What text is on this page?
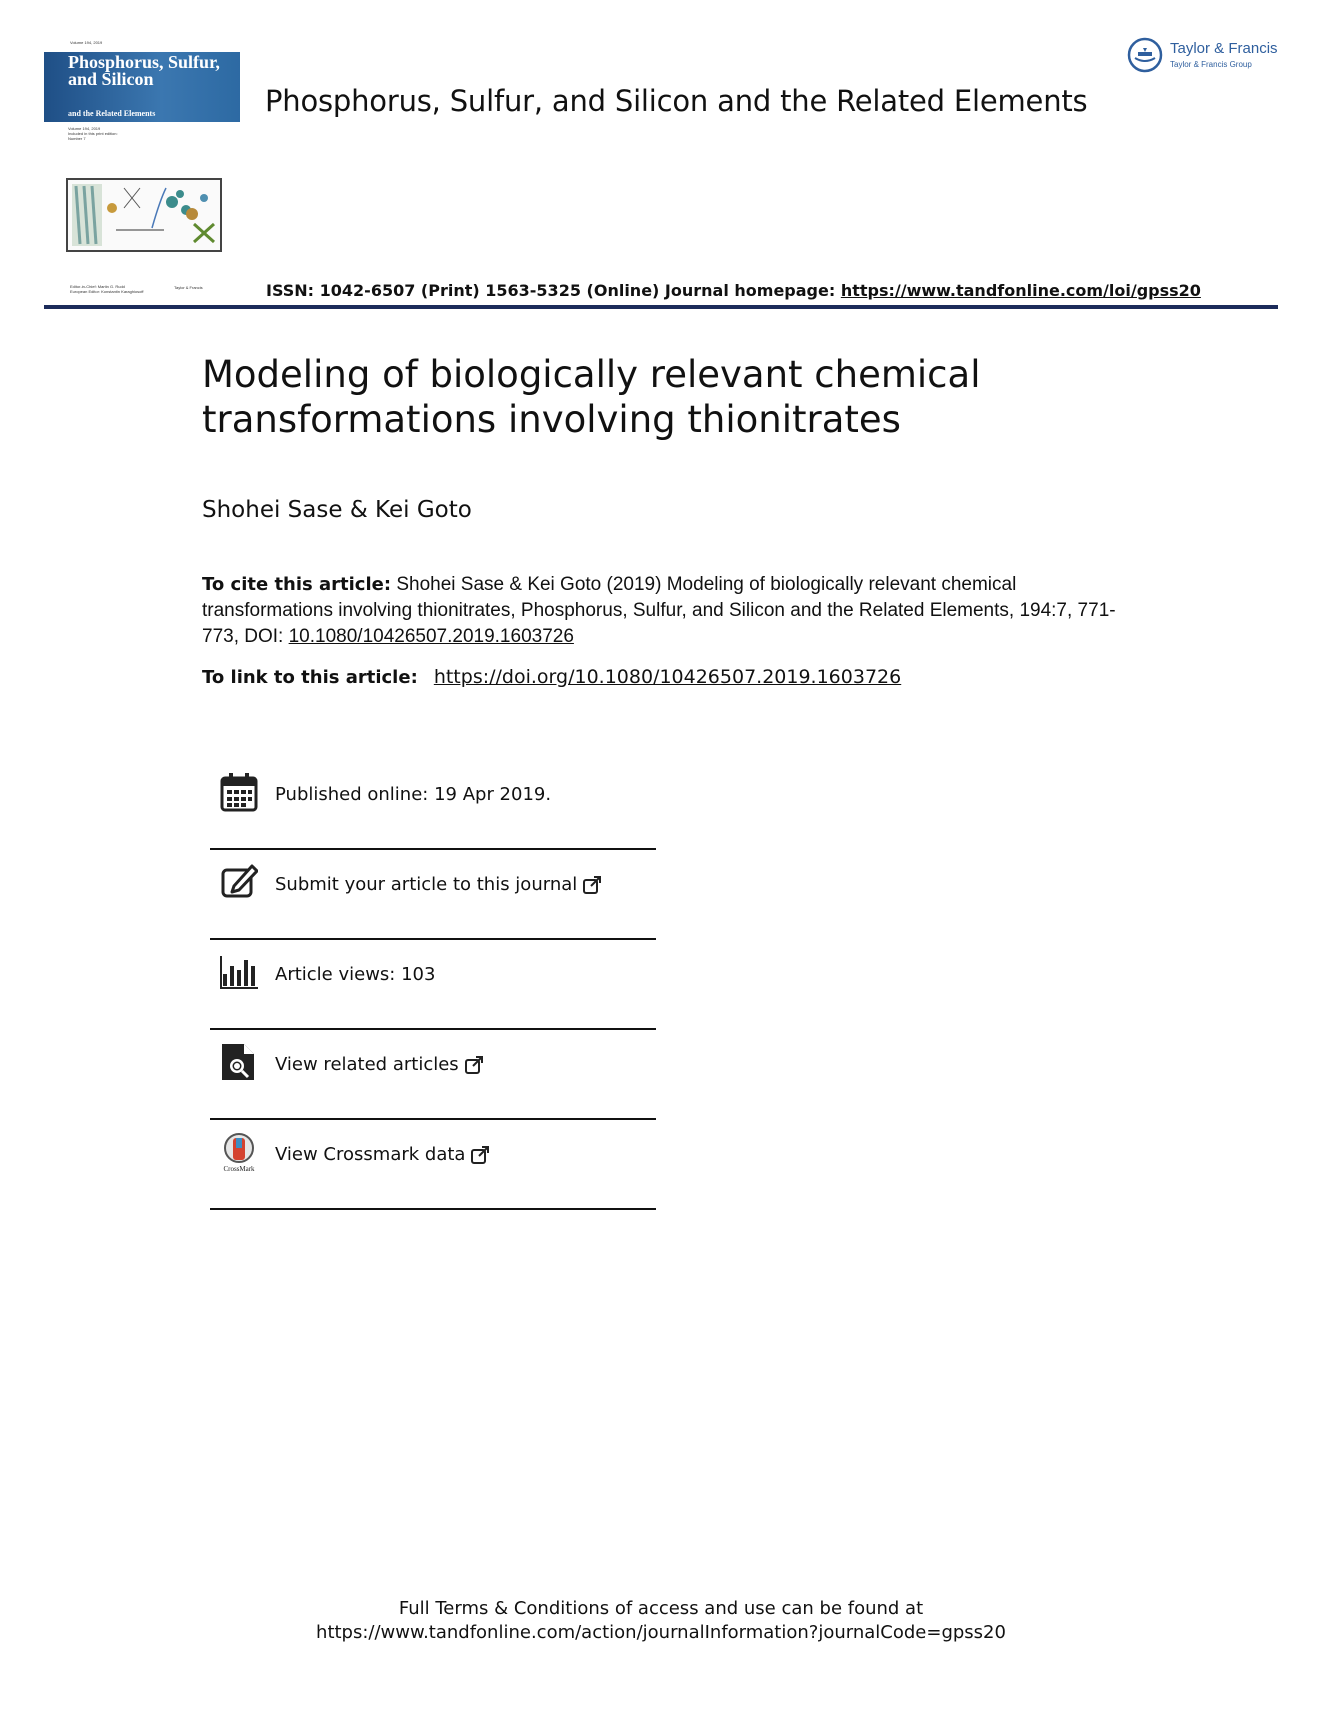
Volume 194, 2019
Phosphorus, Sulfur, and Silicon
and the Related Elements
Volume 194, 2019
Included in this print edition:
Number 7
Editor-in-Chief: Martin G. Rudd
European Editor: Konstantin Karaghiosoff
Taylor & Francis
Phosphorus, Sulfur, and Silicon and the Related Elements
Taylor & Francis
Taylor & Francis Group
ISSN: 1042-6507 (Print) 1563-5325 (Online) Journal homepage: https://www.tandfonline.com/loi/gpss20
Modeling of biologically relevant chemical transformations involving thionitrates
Shohei Sase & Kei Goto
To cite this article: Shohei Sase & Kei Goto (2019) Modeling of biologically relevant chemical transformations involving thionitrates, Phosphorus, Sulfur, and Silicon and the Related Elements, 194:7, 771-773, DOI: 10.1080/10426507.2019.1603726
To link to this article: https://doi.org/10.1080/10426507.2019.1603726
Published online: 19 Apr 2019.
Submit your article to this journal
Article views: 103
View related articles
CrossMark
View Crossmark data
Full Terms & Conditions of access and use can be found at
https://www.tandfonline.com/action/journalInformation?journalCode=gpss20
